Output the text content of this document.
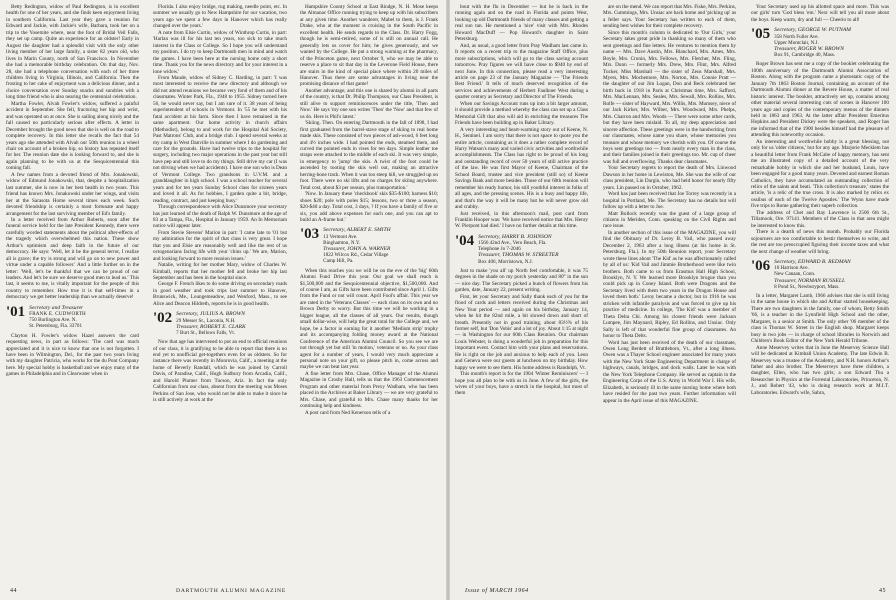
Betty Redington, widow of Paul Redington, is in excellent health for one of her years, and she finds keen enjoyment living in southern California. Last year they gave a reunion for Edward and Jackie, with Jackie's wife, Barbara, took her on a trip to the Yosemite where, near the foot of Bridal Veil Falls, they set up camp. Quite an experience for an oldster! Early in August the daughter had a splendid visit with the only other living member of her large family, a sister 82 years old, who lives in Marin County, north of San Francisco. In November she had a memorable birthday celebration. On that day, Nov. 28, she had a telephone conversation with each of her three children living in Virginia, Illinois, and California. Then the frosting to her cake of enjoyment was a delicious dinner, and a choice conversation over Sunday snacks and sundries with a long time friend who is also nearing the centennial celebration.

Martha Fowler, Alvah Fowler's widow, suffered a painful accident in September. She fell, fracturing her hip and wrist, and was operated on at once. She is sailing along nicely and the fall caused no particularly serious after effects. A letter in December brought the good news that she is well on the road to complete recovery. In this letter she recalls the fact that 54 years ago she attended with Alvah our 50th reunion in a wheel chair on account of a broken hip, so history has repeated itself for her. The reunion date she is looking forward to, and she is again planning to be with us at the Sesquicentennial this coming fall.

A few names from a devoted friend of Mrs. Jonakowski, widow of Edmund Jonakowski, that, despite a hospitalization last summer, she is now in her best health in two years. This friend has known Mrs. Jonakowski under her wings, and visits her at the Sarasota Home several times each week. Such devoted friendship is certainly a most fortunate and happy arrangement for the last surviving member of Ed's family.

In a letter received from Arthur Roberts, soon after the funeral service held for the late President Kennedy, there were carefully worded statements about the political after-effects of the tragedy which overwhelmed this nation. These show Arthur's optimism and deep faith in the future of our democracy. He says: 'Well, let it be the general terror, I realize all is grave; the try is strong and will go on to new power and virtue under a capable follower.' And a little further on in the letter: 'Well, let's be thankful that we can be proud of our leaders. And let's be sure we deserve good men to lead us.' This last, it seems to me, is vitally important for the people of this country to remember. How true it is that self-times in a democracy we get better leadership than we actually deserve!

'01 Secretary and Treasurer
FRANK E. CUDWORTH
750 Burlington Ave. N.
St. Petersburg, Fla. 33701

Clayton H. Fowler's widow Hazel answers the card requesting news, in part as follows: 'The card was much appreciated and it is nice to know that one is not forgotten. I have been in Wilmington, Del., for the past two years living with my daughter Patricia, who works for the du Pont Company here. My special hobby is basketball and we enjoy many of the games in Philadelphia and in Clearwater when in

Florida. I also enjoy bridge, rug making, needle point, etc. In summer we usually go to New Hampshire for our vacation, two years ago we spent a few days in Hanover which has really changed over the years.'

A note from Elsie Curtin, widow of Winthrop Curtis, in part: 'Harlan was ill for his last ten years, too sick to take much interest in the Class or College. So I hope you will understand my position. I do try to keep Dartmouth men in mind and watch the games. I have been here at the nursing home only a short time. Thank you for the news directory and for your interest in a lone widow.'

From Maude, widow of Sidney C. Harding, in part: 'I was most interested to receive the new directory and although we did not attend reunions we became very fond of them and of his classmates. Winter Park, Fla., 1948 to 1955. Sidney turned here 56, he would never say, but I am sure of it. 38 years of being superintendent of schools in Vermont. In '55 he met with his fatal accident at his farm. Since then I have remained in the same apartment. Our home activity in church affairs (Methodist), belong to and work for the Hospital Aid Society, Past Matrons' Club, and a bridge club. I spend several weeks at my camp in West Danville in summer where I do gardening and care for the grounds. Have had twelve trips to the hospital for surgery, including two major operations in the past year but still have pep and still love to do my things. Still drive my car (I was not driving when we had accidents). I have one son who is Dean of Vermont College. Two grandsons in U.V.M. and a granddaughter in high school. I was a school teacher for several years and for ten years Sunday School class for sixteen years and loved it all. As for hobbies, I garden quite a bit, bridge, reading, contract, and just keeping busy.'

Through correspondence with Alice Dunsmore your secretary has just learned of the death of Ralph W. Dunsmore at the age of 83 at a Tampa, Fla., Hospital in January 1959. An In Memoriam notice will appear later.

From Stevie Stevens' Marion in part: 'I came late to '01 but my admiration for the spirit of that class is very great. I hope that you and Elsie are reasonably well and like the rest of us octogenarians facing life with your 'chins up.' We are, Marion, and looking forward to more reunion issues.'

Natalie, writing for her mother Mary, widow of Charles W. Kimball, reports that her mother fell and broke her hip last September and has been in the hospital since.

George F. French likes to do some driving on secondary roads in good weather and took trips last summer to Hanover, Brunswick, Me., Loungemeadow, and Wenford, Mass., to see Alice and Deacon Hildreth, reports he is in good health.

'02 Secretary, JULIUS A. BROWN
29 Messer St., Laconia, N.H.
Treasurer, ROBERT E. CLARK
7 Burt St., Bellows Falls, Vt.

Now that age has intervened to put an end to official reunions of our class, it is gratifying to be able to report that there is no end yet to unofficial get-togethers even for us oldsters. So for instance there was recently in Monrovia, Calif., a meeting at the home of Beverly Randall, which he was joined by Carroll Davis, of Paradise, Calif., Hugh Sudbury from Arcadia, Calif., and Harold Plumer from Tucson, Ariz. In fact the only Californian from our class, absent from the meeting was Moses Perkins of San Jose, who would not be able to make it since he is still actively at work at the

Hampshire County School at East Rindge, N. H. Mose keeps the Almanac Office running trying to keep up with his subscribers at any given time. Another wanderer, Mabel to them, is J. Frank Drake, who at the moment is cruising in the South Pacific in excellent health. He sends regards to the Class. Dr. Harry Fogg, though he is semi-retired, some of is still on annual call. He generally lets us cover for him; he gives generously, and we wanted by the College. He put a strong warning at the pharmacy, of the Princeton game, next October 9, who we may be able to reserve a place to sit that day in the Leverone Field House, there are stairs in the kind of special place where within 20 miles of Hanover. Thus there are some advantages in living near the promising distance of that game!

Another advantage, and this one is shared by alumni in all parts of the country, is that Dr. Philip Thompson, our Class President, is still alive to support reminiscences under the title, 'Then and Now.' He says 'my one son writes 'Then' the 'Now' and that few of us do. Here is Phil's latest.'

'Skiing. Then. On entering Dartmouth in the fall of 1898, I had first graduated from the barrel-stave stage of skiing to real home made skis. These consisted of two pieces of ash-wood, 6 feet long and 4½ inches wide. I had pointed the ends, steamed them, and curved the pointed ends in vises for ten days. Simple leather toe straps were attached to the middle of each ski. It was very simple, in emergency to 'jump' the skis. A twist of the foot could be ascended by tooting the skis well out, making an attractive herring-bone track. When it was too steep hill, we struggled up on foot. There were no ski lifts and no charges for skiing anywhere. Total cost, about $3 per season, plus transportation.'

'Now. In January these 'checkbook' skis $35-$100; harness $10; shoes $20; pole with poles $15; lessons, two or three a season, $20-$40 a day. Total cost, 3 days, ? If you have a family of five or six, you add above expenses for each one, and you can apt to build an A-frame hut.'

'03 Secretary, ALBERT E. SMITH
13 Vermont Ave.
Binghamton, N.Y.
Treasurer, JOHN A. WARNER
1822 Wilcox Rd., Cedar Village
Camp Hill, Pa.

When this reaches you we will be on the eve of the 'big' 60th Alumni Fund Drive this year. Our goal we shall reach is $1,500,000 and the Sesquicentennial objective, $1,500,000. And of course I am, as Gifts have been contributed since April 1. Gifts from the Fund or not will count. April Fool's affair. This year we are rated in the 'Veterans Classes' — each class on its own and no Brown Derby to worry. But this time we will be working in a bigger league, all the classes of all years. Our results, though small dollar-wise, will help the great total for the College and, we hope, be a factor in earning for it another 'Medium strip' trophy and its accompanying folding money award at the National Conference of the American Alumni Council. So you see we are not through yet but still 'in motion,' veterans or no. As your class agent for a number of years, I would very much appreciate a personal note on your gift, so please pitch in, come across and maybe we can beat last year.

A fine letter from Mrs. Chase, Office Manager of the Alumni Magazine in Crosby Hall, tells us that the 1963 Commencement Program and other material from Prexy Wadham, who has been placed in the Archives at Baker Library — we are very grateful to Mrs. Chase, and grateful to Mrs. Chase many thanks for her continuing help and kindness.

A post card from Ned Kenerson tells of a

bout with the flu in December — but he is back in the running again and on the road in Florida and points West, looking up old Dartmouth friends of many classes and getting a real sun tan. He mentioned a 'nice' visit with Mrs. Rhodes Howard MacDuff — Pop Howard's daughter in Saint Petersburg.

And, as usual, a good letter from Pray Wadham last came in. It reports on a recent trip to the magazine Staff Office, plus more subscriptions, which will go to the class saving account tomorrow. Pray figures we will have close to $940 by end of next June. In this connection, please read a very interesting article on page 23 of the January Magazine — 'The Friends Best Friend.' It tells of much deserved recognition of the services and achievements of Herbert Faulkner West during a quarter century as Secretary and Director of The Friends.

When our Savings Account runs up into a bit larger amount, it should provide a method whereby the class can set up a Class Memorial Gift that also will aid in enriching the treasures The Friends have been building up in Baker Library.

A very interesting and heart-warming story out of Keene, N. H., Sentinel. I am sorry that there is not space to quote you the entire article, containing as it does a rather complete record of Harry Watson's many and varied civic activities and worthwhile accomplishments. The Class has right to be proud of his long and outstanding record of over 50 years of still active practice of the law. He was first Mayor of Keene, Chairman of the School Board, trustee and vice president (still so) of Keene Savings Bank and more besides. Those of our 60th reunion will remember his ready humor, his still youthful interest in folks of all ages, and the pressing scenes. His is a busy and happy life, and that's the way it will be many but he will never grow old and crabby.

Just received, in this afternoon's mail, post card from Franklin Hooper was: 'We have received notice that Mrs. Henry W. Pierpont had died.' I have no further details at this time.

'04 Secretary, HARRY B. JOHNSON
1566 42nd Ave., Vero Beach, Fla.
Telephone Jo 7-2046
Treasurer, THOMAS W. STREETER
Box 406, Morristown, N.J.

Just to make 'you all' up North feel comfortable, it was 75 degrees in the shade on my porch yesterday and 80° in the sun — nice day. The Secretary picked a bunch of flowers from his garden, date, January 22, present writing.

First, let your Secretary and Sally thank each of you for the flood of cards and letters received during the Christmas and New Year period — and again on his birthday, January 14, when he hit the 82nd mile, a bit slowed down and short of breath. Presently not in good training, about 83½% of his former self, but 'Don Vobis' and a lot of joy. About 1:15 at night — in Washington for our 60th Class Reunion. Our chairman Louis Webster, is doing a wonderful job in preparation for this important event. Contact him with your plans and reservations. He is right on the job and anxious to help each of you. Leon and Geneva were our guests at luncheon on my birthday. How happy we were to see them. His home address is Randolph, Vt.

This month's report is for the 1904 'Winter Reminiscers' — I hope you all plan to be with us in June. A few of the girls, the wives of your boys, have a stretch in the hospital, but most of them

are on the mend. We can report that Mrs. Fiske, Mrs. Perkins, Mrs. Cummings, Mrs. Unsiac are back home and 'picking up' as a feller says. Your Secretary has written to each of them, sending best wishes for their complete recovery.

Since this month's column is dedicated to 'Our Girls,' your Secretary takes great pride in thanking so many of them who sent greetings and fine letters. He ventures to mention them by name — Mrs. Dave Austin, Mrs. Blanchard, Mrs. Ames, Mrs. Boyle, Mrs. Cronin, Mrs. Fellows, Mrs. Fletcher, Mrs. Fling, Mrs. Dunn — formerly Mrs. Drew, Mrs. Flint, Mrs. Alfred Tucker, Miss Marshall — the sister of Zeus Marshall, Mrs. Myers, Mrs. Mochemore, Mrs. Norton, Mrs. Connie Pratt — the daughter of our Jim Logan, Don and Beck celebrated her birth back in 1918 in Paris at Christmas time, Mrs. Safford, Mrs. MacLennan, Mrs. Seales, Mrs. Sewall, Mrs. Rollins, Mrs. Rolfe — sister of Hayward, Mrs. Willis, Mrs. Mumsey, niece of our Jack Kirker, Mrs. Wilber, Mrs. Woodward, Mrs. Phelps, Mrs. Charron and Mrs. Woods — There were some other cards, but they have been mislaid. To all, my deep appreciation and sincere affection. These greetings were in the handwriting from our classmates, whose name you share, whose memories you treasure and whose memory we cherish with you. Of course the boys sent greetings too — from nearly every man in the class, and their families joined in their greetings too. Mr. cup of cheer was full and overflowing. Thanks dear classmates.

Your Secretary regrets to report the death of Mrs. Linwood Dawson in her home in Lewiston, Me. She was the wife of our class president, Lin Dargin, who had held honor for nearly fifty years. Lin passed on in October, 1962.

Word has just been received that Joe Torrey was recently in a hospital in Portland, Me. The Secretary has no details but will follow up with a letter to Joe.

Matt Bullock recently was the guest of a large group of citizens in Meriden, Conn. speaking on the Civil Rights and race issue.

In another section of this issue of the MAGAZINE, you will find the Obituary of Dr. Leroy B. Vail, who passed away December 2, 1963 after a long illness (at his home in St. Petersburg, Fla.). In my 50th Reunion report, your Secretary wrote these lines about 'The Kid' as he was affectionately called by all of us: 'Kid Vail and Jimmie Brotherhood were like twin brothers. Both came to us from Erasmus Hall High School, Brooklyn, N. Y. We learned more Brooklyn brogue than you could pick up in Coney Island. Both were Dragons and the Secretary lived with them two years in the Dragon House and loved them both.' Leroy became a doctor, but in 1916 he was stricken with infantile paralysis and was forced to give up his practice of medicine. In college, 'The Kid' was a member of Theta Delta Chi. Among his closest friends were Jackson Lumpee, Jim Maynard, Ripley, Ed Rollins, and Unsiac. Only Sally is left of that wonderful fine group of classmates. An honor to Theta Delts.

Word has just been received of the death of our classmate, Owen Long Berdett of Brattleboro, Vt., after a long illness. Owen was a Thayer School engineer associated for many years with the New York State Engineering Department in charge of highways, canals, bridges, and dock walls. Later he was with the New York Telephone Company. He served as captain in the Engineering Corps of the U.S. Army in World War I. His wife, Elizabeth, is seriously ill in the same nursing home where both have resided for the past two years. Further information will appear in the April issue of this MAGAZINE.

Your Secretary used up his allotted space and more. This was our girls' turn 'God bless 'em.' Next will tell you all more about the boys. Keep warm, dry and full — Cheerio to all!

'05 Secretary, GEORGE W. PUTNAM
358 North Fuller Ave.
Upper Montclair, N.J.
Treasurer, ROGER W. BROWN
Box 91, Cambridge 40, Mass.

Roger Brown has sent me a copy of the booklet celebrating the 100th anniversary of the Dartmouth Alumni Association of Boston. Along with the program came a photostatic copy of the January 7th 1863 Boston Journal, containing an account of the Dartmouth Alumni dinner at the Revere House, a matter of real historic interest. The booklet, attractively set up, contains among other material several interesting cuts of scenes in Hanover 100 years ago and copies of the contemporary menus of the dinners held in 1863 and 1963. At the latter affair President Emeritus Hopkins and President Dickey were the speakers, and Roger has me informed that of the 1900 besides himself had the pleasure of attending this noteworthy occasion.

An interesting and worthwhile hobby is a great blessing, not only for us 'older citizens,' but for any age. Marjorie Mecklem has a beautiful letter from Frank McCabe of happy memory, has sent me an illustrated copy of a detailed account of the very remarkable hobby in which she and her husband, Louis, have been engaged for a good many years. Devoted and earnest Roman Catholics, they have accumulated an outstanding collection of relics of the saints and beati. 'This collection's treasure,' states the article, 'is a relic of the true cross. It is also marked by relics ex ossibus of each of the Twelve Apostles.' The Wynn have made five trips to Rome gathering their superb collection.

The address of Chet and Ray Lawrence is 2506 6th St., Tillamook, Ore. 97141. Members of the Class in that area might be interested to know this.

There is a dearth of news this month. Probably our Florida sojourners are too comfortable to bestir themselves to write, and the rest are too preoccupied figuring their income taxes and what the next change of weather will bring.

'06 Secretary, EDWARD B. REDMAN
10 Harrison Ave.
New Canaan, Conn.
Treasurer, NORMAN RUSSELL
8 Pond St., Newburyport, Mass.

In a letter, Margaret Lamb, 1966 advises that she is still living in the same house in which she and Arthur started housekeeping. There are two daughters in the family, one of whom, Betty Smith '66, is a teacher in the Lynnfield High School and the other, Margaret, is a senior at Smith. The only other '06 member of the class is Thomas W. Street in the English shop. Margaret keeps busy in two jobs — in charge of school libraries in Norwich and Children's Book Editor of the New York Herald Tribune.

Anne Meservey writes that in June the Meservey Science Hall will be dedicated at Kimball Union Academy. The late Edwin B. Meservey was a trustee of the Academy, and N.H. honors Arthur's father and also brother. The Meserveys have three children, a daughter, Ellen, who has two girls; a son Edward Thu a Researcher in Physics at the Forrestal Laboratories, Princeton, N. J., and Robert '43, who is doing research work at M.I.T. Laboratories. Edward's wife, Sabra,

44	DARTMOUTH ALUMNI MAGAZINE	Issue of MARCH 1964	45
